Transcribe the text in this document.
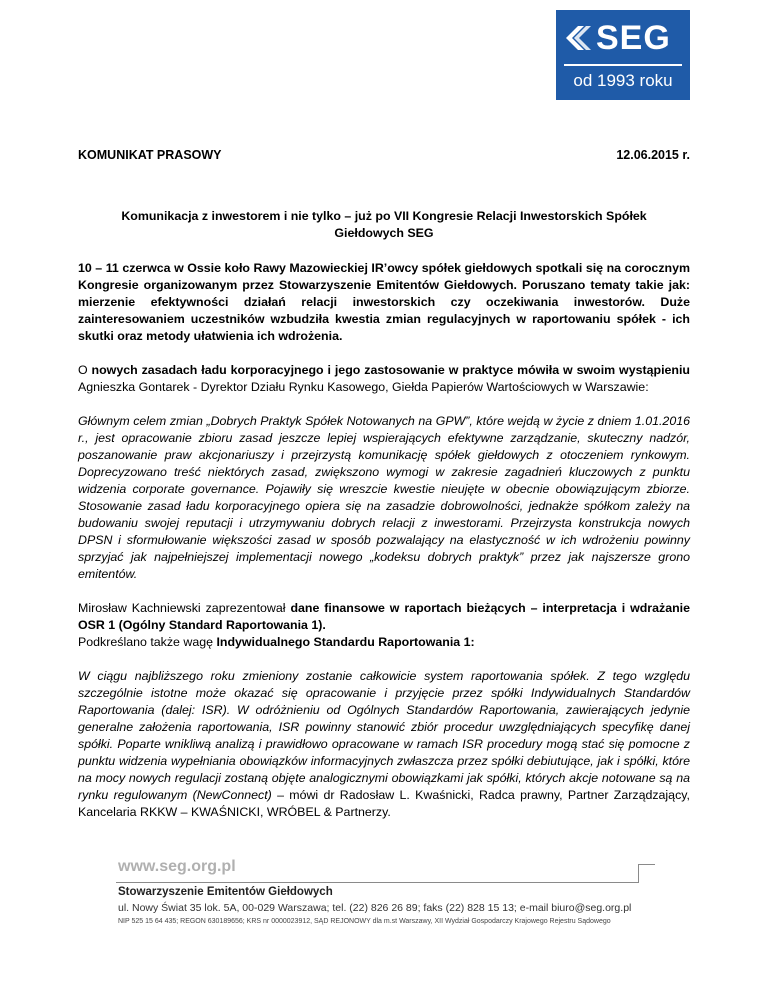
SEG
od 1993 roku
KOMUNIKAT PRASOWY	12.06.2015 r.
Komunikacja z inwestorem i nie tylko – już po VII Kongresie Relacji Inwestorskich Spółek Giełdowych SEG

10 – 11 czerwca w Ossie koło Rawy Mazowieckiej IR’owcy spółek giełdowych spotkali się na corocznym Kongresie organizowanym przez Stowarzyszenie Emitentów Giełdowych. Poruszano tematy takie jak: mierzenie efektywności działań relacji inwestorskich czy oczekiwania inwestorów. Duże zainteresowaniem uczestników wzbudziła kwestia zmian regulacyjnych w raportowaniu spółek - ich skutki oraz metody ułatwienia ich wdrożenia.

O nowych zasadach ładu korporacyjnego i jego zastosowanie w praktyce mówiła w swoim wystąpieniu Agnieszka Gontarek - Dyrektor Działu Rynku Kasowego, Giełda Papierów Wartościowych w Warszawie:

Głównym celem zmian „Dobrych Praktyk Spółek Notowanych na GPW”, które wejdą w życie z dniem 1.01.2016 r., jest opracowanie zbioru zasad jeszcze lepiej wspierających efektywne zarządzanie, skuteczny nadzór, poszanowanie praw akcjonariuszy i przejrzystą komunikację spółek giełdowych z otoczeniem rynkowym. Doprecyzowano treść niektórych zasad, zwiększono wymogi w zakresie zagadnień kluczowych z punktu widzenia corporate governance. Pojawiły się wreszcie kwestie nieujęte w obecnie obowiązującym zbiorze. Stosowanie zasad ładu korporacyjnego opiera się na zasadzie dobrowolności, jednakże spółkom zależy na budowaniu swojej reputacji i utrzymywaniu dobrych relacji z inwestorami. Przejrzysta konstrukcja nowych DPSN i sformułowanie większości zasad w sposób pozwalający na elastyczność w ich wdrożeniu powinny sprzyjać jak najpełniejszej implementacji nowego „kodeksu dobrych praktyk” przez jak najszersze grono emitentów.

Mirosław Kachniewski zaprezentował dane finansowe w raportach bieżących – interpretacja i wdrażanie OSR 1 (Ogólny Standard Raportowania 1).

Podkreślano także wagę Indywidualnego Standardu Raportowania 1:

W ciągu najbliższego roku zmieniony zostanie całkowicie system raportowania spółek. Z tego względu szczególnie istotne może okazać się opracowanie i przyjęcie przez spółki Indywidualnych Standardów Raportowania (dalej: ISR). W odróżnieniu od Ogólnych Standardów Raportowania, zawierających jedynie generalne założenia raportowania, ISR powinny stanowić zbiór procedur uwzględniających specyfikę danej spółki. Poparte wnikliwą analizą i prawidłowo opracowane w ramach ISR procedury mogą stać się pomocne z punktu widzenia wypełniania obowiązków informacyjnych zwłaszcza przez spółki debiutujące, jak i spółki, które na mocy nowych regulacji zostaną objęte analogicznymi obowiązkami jak spółki, których akcje notowane są na rynku regulowanym (NewConnect) – mówi dr Radosław L. Kwaśnicki, Radca prawny, Partner Zarządzający, Kancelaria RKKW – KWAŚNICKI, WRÓBEL & Partnerzy.

www.seg.org.pl
Stowarzyszenie Emitentów Giełdowych
ul. Nowy Świat 35 lok. 5A, 00-029 Warszawa; tel. (22) 826 26 89; faks (22) 828 15 13; e-mail biuro@seg.org.pl
NIP 525 15 64 435; REGON 630189656; KRS nr 0000023912, SĄD REJONOWY dla m.st Warszawy, XII Wydział Gospodarczy Krajowego Rejestru Sądowego
